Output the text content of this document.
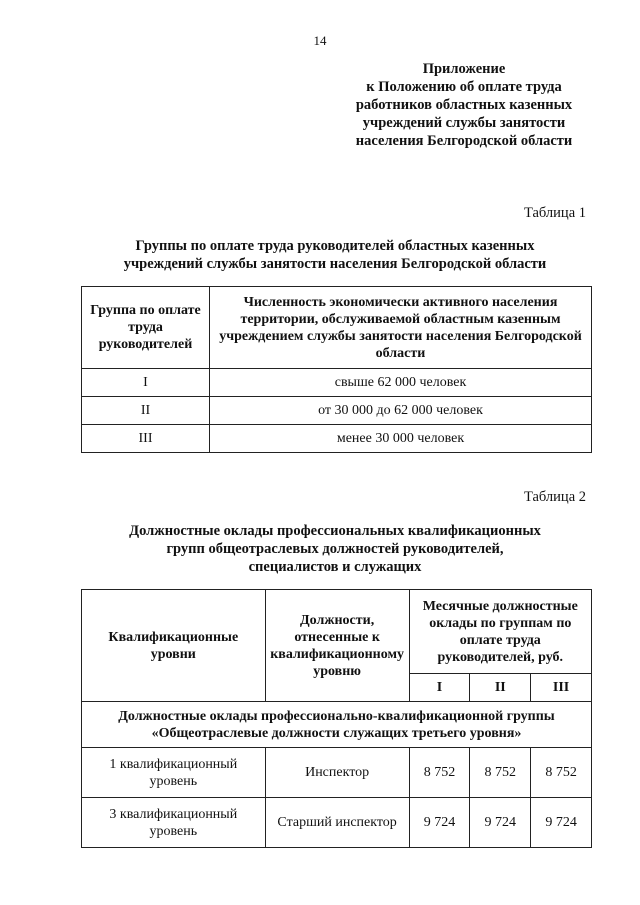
14
Приложение
к Положению об оплате труда
работников областных казенных
учреждений службы занятости
населения Белгородской области
Таблица 1
Группы по оплате труда руководителей областных казенных
учреждений службы занятости населения Белгородской области
Группа по оплате труда руководителей	Численность экономически активного населения территории, обслуживаемой областным казенным учреждением службы занятости населения Белгородской области
I	свыше 62 000 человек
II	от 30 000 до 62 000 человек
III	менее 30 000 человек
Таблица 2
Должностные оклады профессиональных квалификационных
групп общеотраслевых должностей руководителей,
специалистов и служащих
Квалификационные уровни	Должности, отнесенные к квалификационному уровню	Месячные должностные оклады по группам по оплате труда руководителей, руб.		
		I	II	III
Должностные оклады профессионально-квалификационной группы «Общеотраслевые должности служащих третьего уровня»				
1 квалификационный уровень	Инспектор	8 752	8 752	8 752
3 квалификационный уровень	Старший инспектор	9 724	9 724	9 724
